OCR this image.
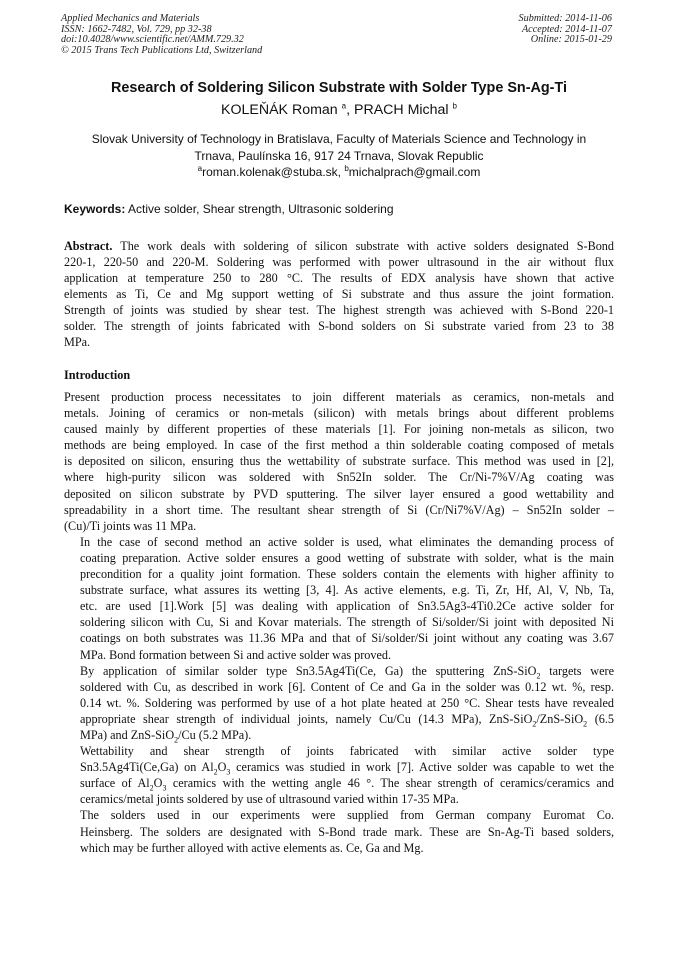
Applied Mechanics and Materials
ISSN: 1662-7482, Vol. 729, pp 32-38
doi:10.4028/www.scientific.net/AMM.729.32
© 2015 Trans Tech Publications Ltd, Switzerland
Submitted: 2014-11-06
Accepted: 2014-11-07
Online: 2015-01-29
Research of Soldering Silicon Substrate with Solder Type Sn-Ag-Ti
KOLEŇÁK Roman $^a$, PRACH Michal $^b$
Slovak University of Technology in Bratislava, Faculty of Materials Science and Technology in Trnava, Paulínska 16, 917 24 Trnava, Slovak Republic
$^a$roman.kolenak@stuba.sk, $^b$michalprach@gmail.com
Keywords: Active solder, Shear strength, Ultrasonic soldering
Abstract. The work deals with soldering of silicon substrate with active solders designated S-Bond
220-1, 220-50 and 220-M. Soldering was performed with power ultrasound in the air without flux
application at temperature 250 to 280 °C. The results of EDX analysis have shown that active
elements as Ti, Ce and Mg support wetting of Si substrate and thus assure the joint formation.
Strength of joints was studied by shear test. The highest strength was achieved with S-Bond 220-1
solder. The strength of joints fabricated with S-bond solders on Si substrate varied from 23 to 38
MPa.
Introduction

Present production process necessitates to join different materials as ceramics, non-metals and
metals. Joining of ceramics or non-metals (silicon) with metals brings about different problems
caused mainly by different properties of these materials [1]. For joining non-metals as silicon, two
methods are being employed. In case of the first method a thin solderable coating composed of metals
is deposited on silicon, ensuring thus the wettability of substrate surface. This method was used in [2],
where high-purity silicon was soldered with Sn52In solder. The Cr/Ni-7%V/Ag coating was
deposited on silicon substrate by PVD sputtering. The silver layer ensured a good wettability and
spreadability in a short time. The resultant shear strength of Si (Cr/Ni7%V/Ag) – Sn52In solder –
(Cu)/Ti joints was 11 MPa.

In the case of second method an active solder is used, what eliminates the demanding process of
coating preparation. Active solder ensures a good wetting of substrate with solder, what is the main
precondition for a quality joint formation. These solders contain the elements with higher affinity to
substrate surface, what assures its wetting [3, 4]. As active elements, e.g. Ti, Zr, Hf, Al, V, Nb, Ta,
etc. are used [1].Work [5] was dealing with application of Sn3.5Ag3-4Ti0.2Ce active solder for
soldering silicon with Cu, Si and Kovar materials. The strength of Si/solder/Si joint with deposited Ni
coatings on both substrates was 11.36 MPa and that of Si/solder/Si joint without any coating was 3.67
MPa. Bond formation between Si and active solder was proved.

By application of similar solder type Sn3.5Ag4Ti(Ce, Ga) the sputtering ZnS-SiO$_2$ targets were
soldered with Cu, as described in work [6]. Content of Ce and Ga in the solder was 0.12 wt. %, resp.
0.14 wt. %. Soldering was performed by use of a hot plate heated at 250 °C. Shear tests have revealed
appropriate shear strength of individual joints, namely Cu/Cu (14.3 MPa), ZnS-SiO$_2$/ZnS-SiO$_2$ (6.5
MPa) and ZnS-SiO$_2$/Cu (5.2 MPa).

Wettability and shear strength of joints fabricated with similar active solder type
Sn3.5Ag4Ti(Ce,Ga) on $Al_2O_3$ ceramics was studied in work [7]. Active solder was capable to wet the
surface of $Al_2O_3$ ceramics with the wetting angle 46 °. The shear strength of ceramics/ceramics and
ceramics/metal joints soldered by use of ultrasound varied within 17-35 MPa.

The solders used in our experiments were supplied from German company Euromat Co.
Heinsberg. The solders are designated with S-Bond trade mark. These are Sn-Ag-Ti based solders,
which may be further alloyed with active elements as. Ce, Ga and Mg.
